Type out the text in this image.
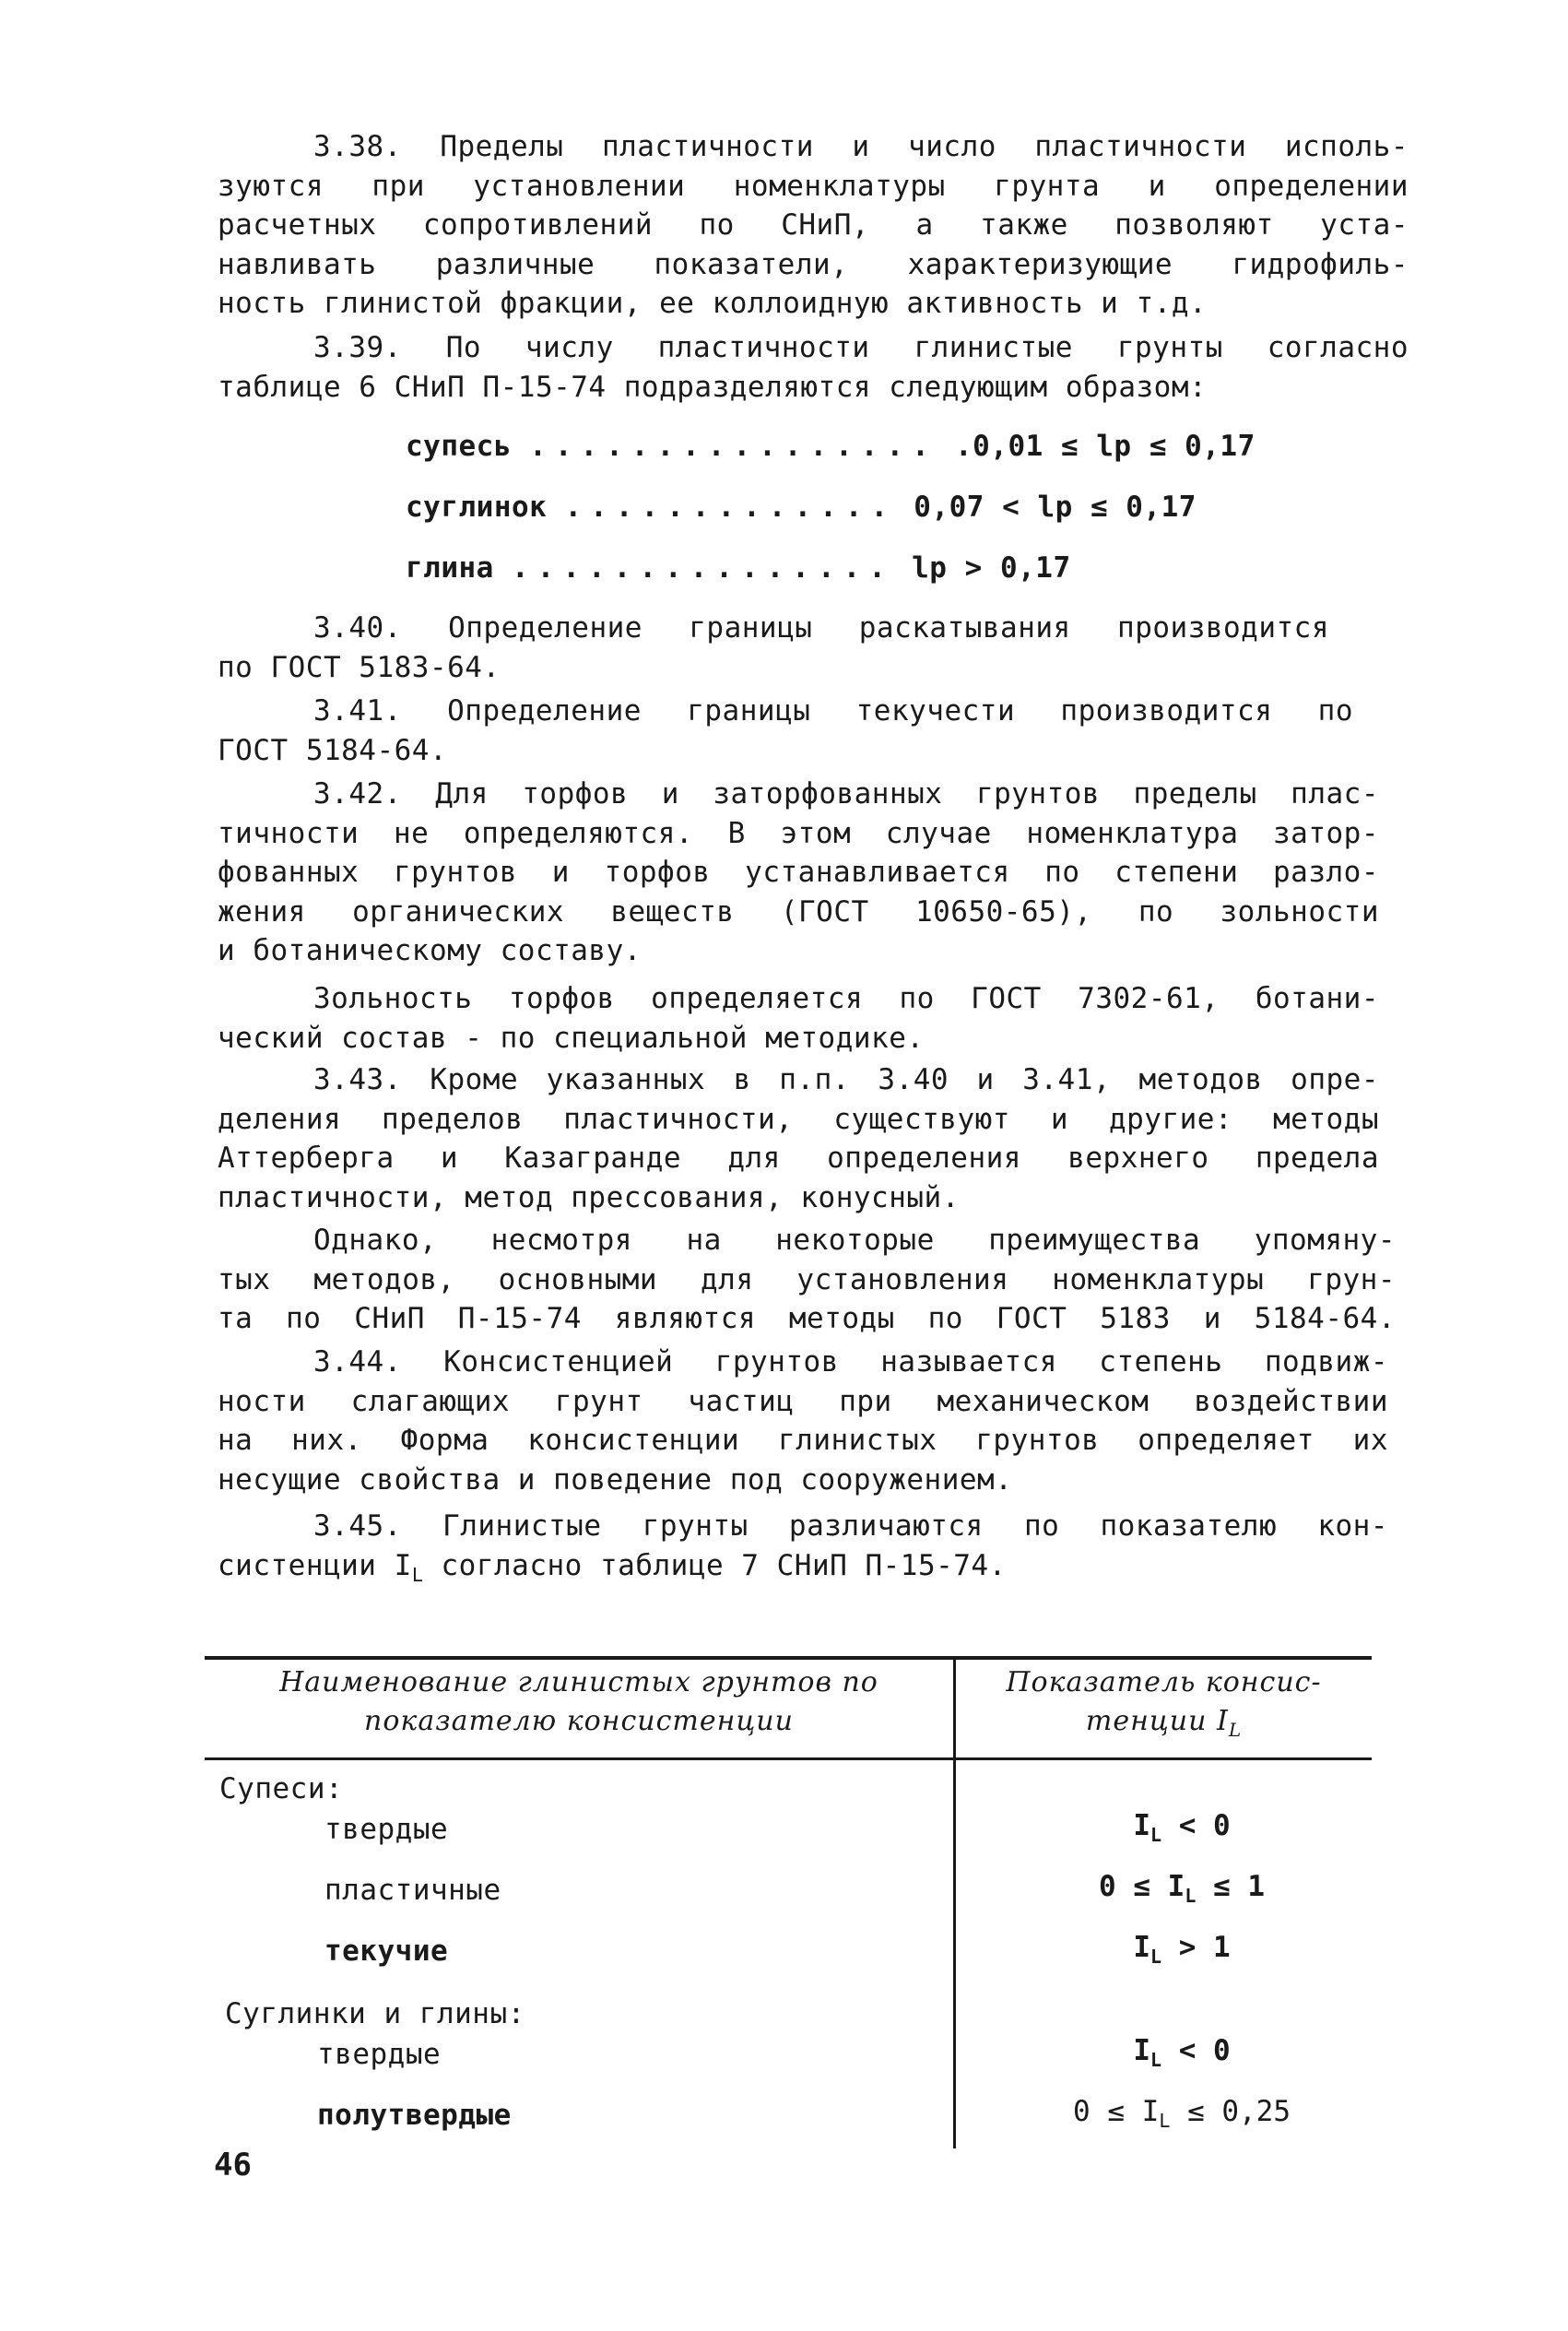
3.38. Пределы пластичности и число пластичности исполь-
зуются при установлении номенклатуры грунта и определении
расчетных сопротивлений по СНиП, а также позволяют уста-
навливать различные показатели, характеризующие гидрофиль-
ность глинистой фракции, ее коллоидную активность и т.д.
3.39. По числу пластичности глинистые грунты согласно
таблице 6 СНиП П-15-74 подразделяются следующим образом:
супесь ................ .0,01 ≤ lp ≤ 0,17
суглинок ............. 0,07 < lp ≤ 0,17
глина ............... lp > 0,17
3.40. Определение границы раскатывания производится
по ГОСТ 5183-64.
3.41. Определение границы текучести производится по
ГОСТ 5184-64.
3.42. Для торфов и заторфованных грунтов пределы плас-
тичности не определяются. В этом случае номенклатура затор-
фованных грунтов и торфов устанавливается по степени разло-
жения органических веществ (ГОСТ 10650-65), по зольности
и ботаническому составу.
Зольность торфов определяется по ГОСТ 7302-61, ботани-
ческий состав - по специальной методике.
3.43. Кроме указанных в п.п. 3.40 и 3.41, методов опре-
деления пределов пластичности, существуют и другие: методы
Аттерберга и Казагранде для определения верхнего предела
пластичности, метод прессования, конусный.
Однако, несмотря на некоторые преимущества упомяну-
тых методов, основными для установления номенклатуры грун-
та по СНиП П-15-74 являются методы по ГОСТ 5183 и 5184-64.
3.44. Консистенцией грунтов называется степень подвиж-
ности слагающих грунт частиц при механическом воздействии
на них. Форма консистенции глинистых грунтов определяет их
несущие свойства и поведение под сооружением.
3.45. Глинистые грунты различаются по показателю кон-
систенции $I_L$ согласно таблице 7 СНиП П-15-74.
Наименование глинистых грунтов по
показателю консистенции
Показатель консис-
тенции $I_L$
Супеси:
твердые	$I_L < 0$
пластичные	$0 \le I_L \le 1$
текучие	$I_L > 1$
Суглинки и глины:
твердые	$I_L < 0$
полутвердые	$0 \le I_L \le 0,25$
46
